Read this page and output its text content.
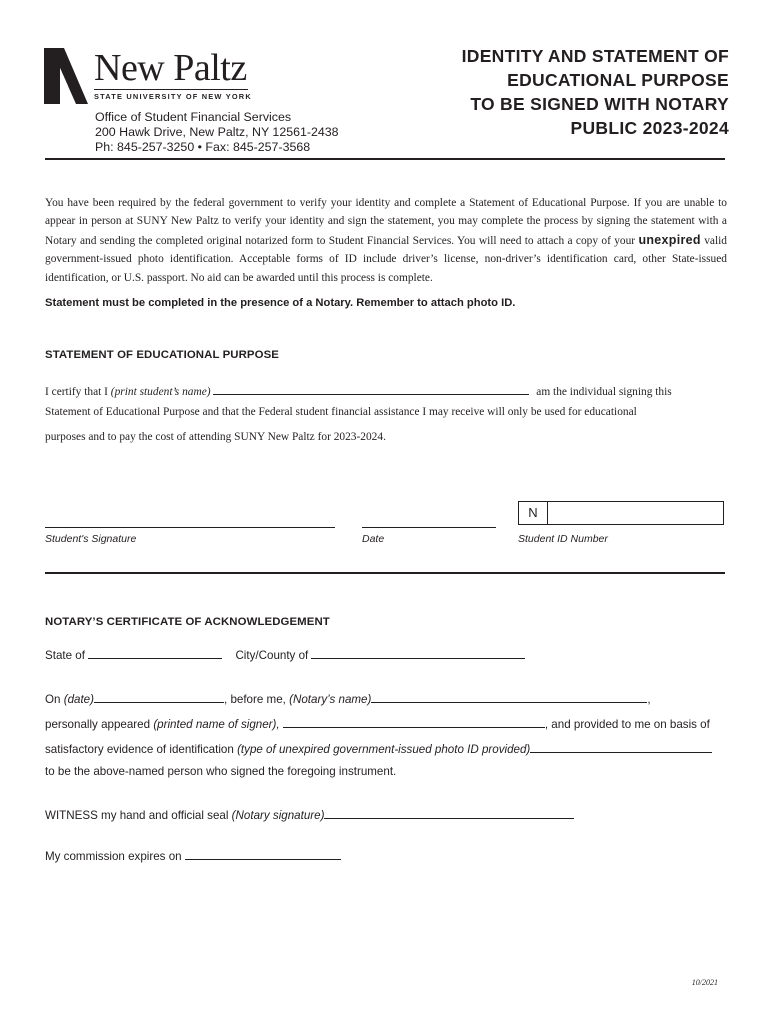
New Paltz
STATE UNIVERSITY OF NEW YORK
Office of Student Financial Services
200 Hawk Drive, New Paltz, NY 12561-2438
Ph: 845-257-3250 • Fax: 845-257-3568
IDENTITY AND STATEMENT OF
EDUCATIONAL PURPOSE
TO BE SIGNED WITH NOTARY
PUBLIC 2023-2024
You have been required by the federal government to verify your identity and complete a Statement of Educational Purpose. If you are unable to appear in person at SUNY New Paltz to verify your identity and sign the statement, you may complete the process by signing the statement with a Notary and sending the completed original notarized form to Student Financial Services. You will need to attach a copy of your unexpired valid government-issued photo identification. Acceptable forms of ID include driver’s license, non-driver’s identification card, other State-issued identification, or U.S. passport. No aid can be awarded until this process is complete.
Statement must be completed in the presence of a Notary. Remember to attach photo ID.
STATEMENT OF EDUCATIONAL PURPOSE
I certify that I (print student’s name)	am the individual signing this
Statement of Educational Purpose and that the Federal student financial assistance I may receive will only be used for educational
purposes and to pay the cost of attending SUNY New Paltz for 2023-2024.
N
Student's Signature	Date	Student ID Number
NOTARY’S CERTIFICATE OF ACKNOWLEDGEMENT
State of	City/County of
On (date)	, before me, (Notary’s name)	,
personally appeared (printed name of signer),	, and provided to me on basis of
satisfactory evidence of identification (type of unexpired government-issued photo ID provided)
to be the above-named person who signed the foregoing instrument.
WITNESS my hand and official seal (Notary signature)
My commission expires on
10/2021
